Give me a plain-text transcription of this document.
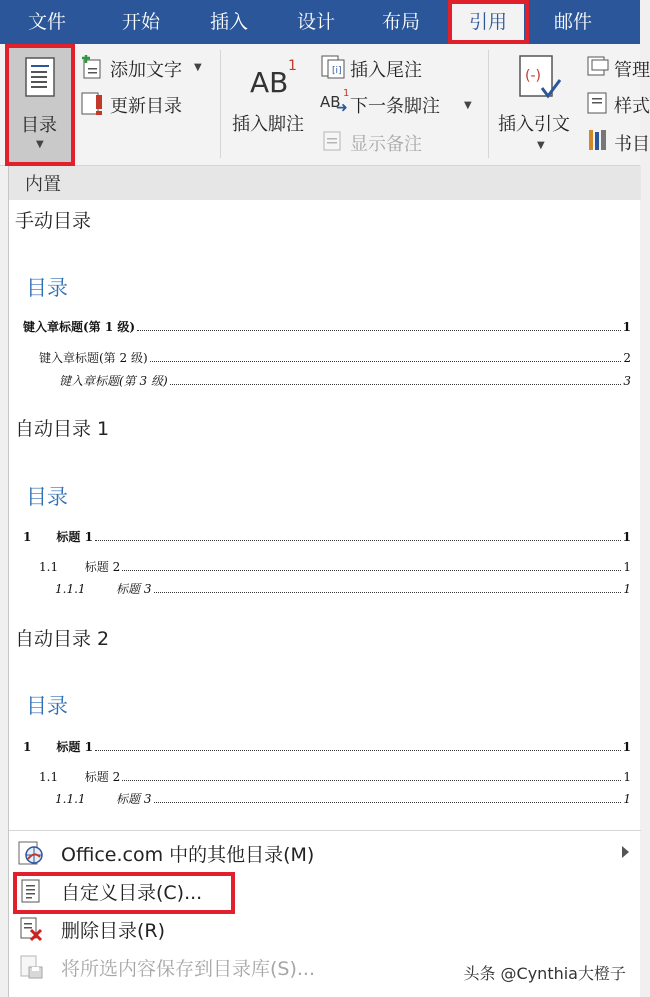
文件	开始	插入	设计	布局	引用	邮件
目录
▼
添加文字 ▼
更新目录
AB 1
插入脚注
[i] 插入尾注
AB 1
➜ 下一条脚注 ▼
显示备注
(-)
插入引文
▼
管理
样式
书目
内置
手动目录
目录
键入章标题(第 1 级)	1
键入章标题(第 2 级)	2
键入章标题(第 3 级)	3
自动目录 1
目录
1      标题 1	1
1.1       标题 2	1
1.1.1        标题 3	1
自动目录 2
目录
1      标题 1	1
1.1       标题 2	1
1.1.1        标题 3	1
Office.com 中的其他目录(M)
自定义目录(C)...
删除目录(R)
将所选内容保存到目录库(S)...	头条 @Cynthia大橙子
